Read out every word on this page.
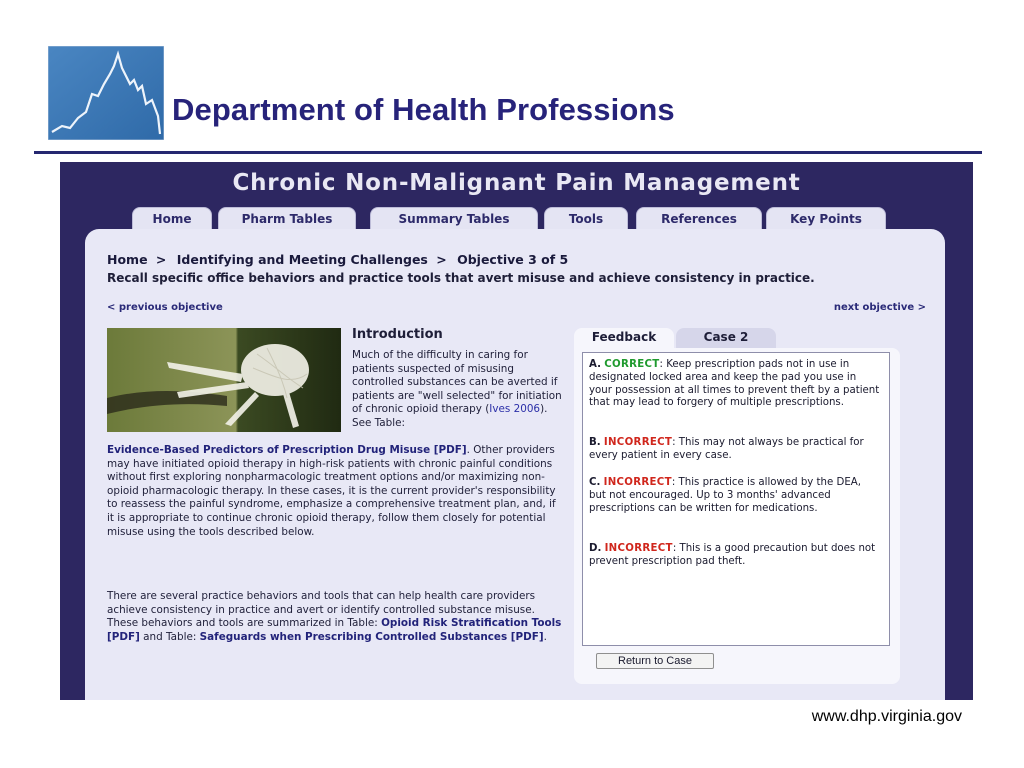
Department of Health Professions
Chronic Non-Malignant Pain Management
Home	Pharm Tables	Summary Tables	Tools	References	Key Points
Home > Identifying and Meeting Challenges > Objective 3 of 5
Recall specific office behaviors and practice tools that avert misuse and achieve consistency in practice.
< previous objective	next objective >
Introduction
Much of the difficulty in caring for patients suspected of misusing controlled substances can be averted if patients are "well selected" for initiation of chronic opioid therapy (Ives 2006). See Table:
Evidence-Based Predictors of Prescription Drug Misuse [PDF]. Other providers may have initiated opioid therapy in high-risk patients with chronic painful conditions without first exploring nonpharmacologic treatment options and/or maximizing non-opioid pharmacologic therapy. In these cases, it is the current provider's responsibility to reassess the painful syndrome, emphasize a comprehensive treatment plan, and, if it is appropriate to continue chronic opioid therapy, follow them closely for potential misuse using the tools described below.
There are several practice behaviors and tools that can help health care providers achieve consistency in practice and avert or identify controlled substance misuse. These behaviors and tools are summarized in Table: Opioid Risk Stratification Tools [PDF] and Table: Safeguards when Prescribing Controlled Substances [PDF].
Feedback	Case 2
A. CORRECT: Keep prescription pads not in use in designated locked area and keep the pad you use in your possession at all times to prevent theft by a patient that may lead to forgery of multiple prescriptions.
B. INCORRECT: This may not always be practical for every patient in every case.
C. INCORRECT: This practice is allowed by the DEA, but not encouraged. Up to 3 months' advanced prescriptions can be written for medications.
D. INCORRECT: This is a good precaution but does not prevent prescription pad theft.
Return to Case
www.dhp.virginia.gov
